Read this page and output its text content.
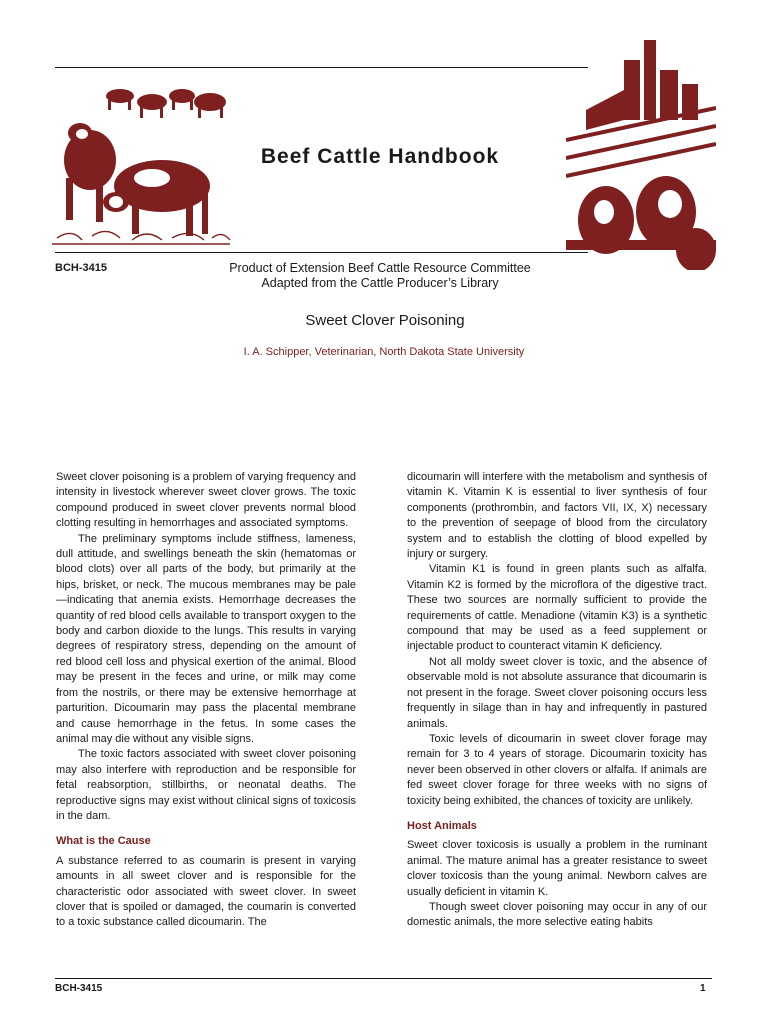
Beef Cattle Handbook
BCH-3415	Product of Extension Beef Cattle Resource Committee
Adapted from the Cattle Producer’s Library
Sweet Clover Poisoning
I. A. Schipper, Veterinarian, North Dakota State University

Sweet clover poisoning is a problem of varying frequency and intensity in livestock wherever sweet clover grows. The toxic compound produced in sweet clover prevents normal blood clotting resulting in hemorrhages and associated symptoms.

The preliminary symptoms include stiffness, lameness, dull attitude, and swellings beneath the skin (hematomas or blood clots) over all parts of the body, but primarily at the hips, brisket, or neck. The mucous membranes may be pale—indicating that anemia exists. Hemorrhage decreases the quantity of red blood cells available to transport oxygen to the body and carbon dioxide to the lungs. This results in varying degrees of respiratory stress, depending on the amount of red blood cell loss and physical exertion of the animal. Blood may be present in the feces and urine, or milk may come from the nostrils, or there may be extensive hemorrhage at parturition. Dicoumarin may pass the placental membrane and cause hemorrhage in the fetus. In some cases the animal may die without any visible signs.

The toxic factors associated with sweet clover poisoning may also interfere with reproduction and be responsible for fetal reabsorption, stillbirths, or neonatal deaths. The reproductive signs may exist without clinical signs of toxicosis in the dam.

What is the Cause

A substance referred to as coumarin is present in varying amounts in all sweet clover and is responsible for the characteristic odor associated with sweet clover. In sweet clover that is spoiled or damaged, the coumarin is converted to a toxic substance called dicoumarin. The

dicoumarin will interfere with the metabolism and synthesis of vitamin K. Vitamin K is essential to liver synthesis of four components (prothrombin, and factors VII, IX, X) necessary to the prevention of seepage of blood from the circulatory system and to establish the clotting of blood expelled by injury or surgery.

Vitamin K1 is found in green plants such as alfalfa. Vitamin K2 is formed by the microflora of the digestive tract. These two sources are normally sufficient to provide the requirements of cattle. Menadione (vitamin K3) is a synthetic compound that may be used as a feed supplement or injectable product to counteract vitamin K deficiency.

Not all moldy sweet clover is toxic, and the absence of observable mold is not absolute assurance that dicoumarin is not present in the forage. Sweet clover poisoning occurs less frequently in silage than in hay and infrequently in pastured animals.

Toxic levels of dicoumarin in sweet clover forage may remain for 3 to 4 years of storage. Dicoumarin toxicity has never been observed in other clovers or alfalfa. If animals are fed sweet clover forage for three weeks with no signs of toxicity being exhibited, the chances of toxicity are unlikely.

Host Animals

Sweet clover toxicosis is usually a problem in the ruminant animal. The mature animal has a greater resistance to sweet clover toxicosis than the young animal. Newborn calves are usually deficient in vitamin K.

Though sweet clover poisoning may occur in any of our domestic animals, the more selective eating habits

BCH-3415	1
